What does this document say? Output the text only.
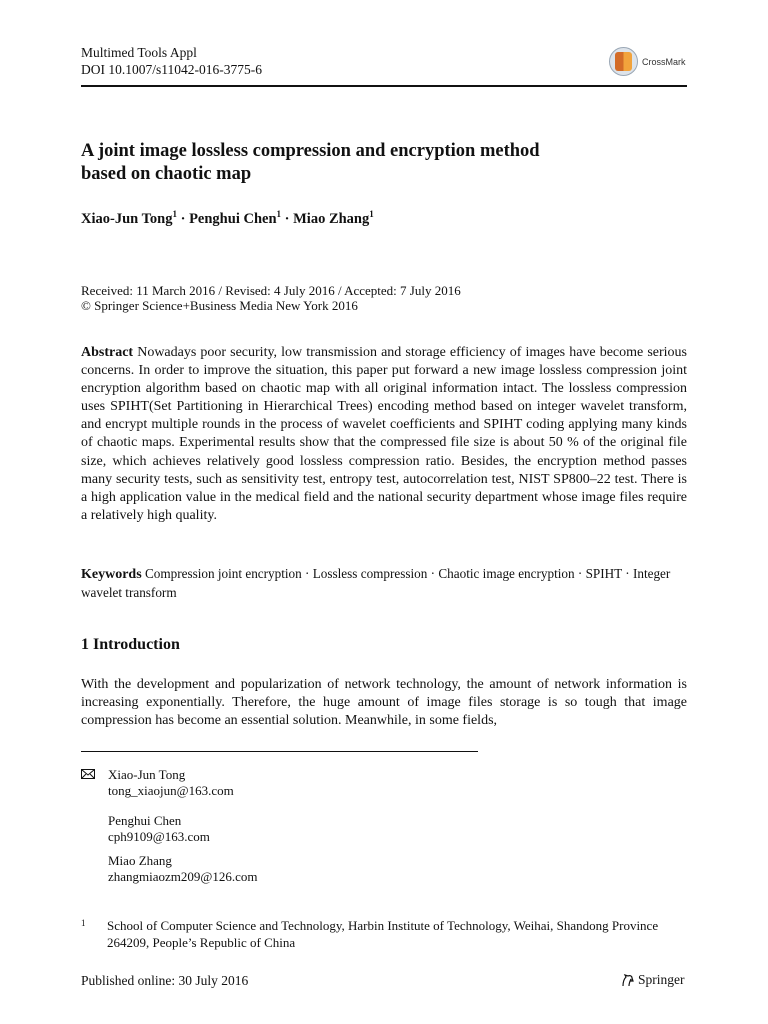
Multimed Tools Appl
DOI 10.1007/s11042-016-3775-6
CrossMark
A joint image lossless compression and encryption method
based on chaotic map
Xiao-Jun Tong$^1$ · Penghui Chen$^1$ · Miao Zhang$^1$
Received: 11 March 2016 / Revised: 4 July 2016 / Accepted: 7 July 2016
© Springer Science+Business Media New York 2016
Abstract Nowadays poor security, low transmission and storage efficiency of images have become serious concerns. In order to improve the situation, this paper put forward a new image lossless compression joint encryption algorithm based on chaotic map with all original information intact. The lossless compression uses SPIHT(Set Partitioning in Hierarchical Trees) encoding method based on integer wavelet transform, and encrypt multiple rounds in the process of wavelet coefficients and SPIHT coding applying many kinds of chaotic maps. Experimental results show that the compressed file size is about 50 % of the original file size, which achieves relatively good lossless compression ratio. Besides, the encryption method passes many security tests, such as sensitivity test, entropy test, autocorrelation test, NIST SP800–22 test. There is a high application value in the medical field and the national security department whose image files require a relatively high quality.
Keywords Compression joint encryption · Lossless compression · Chaotic image encryption · SPIHT · Integer wavelet transform
1 Introduction
With the development and popularization of network technology, the amount of network information is increasing exponentially. Therefore, the huge amount of image files storage is so tough that image compression has become an essential solution. Meanwhile, in some fields,
Xiao-Jun Tong
tong_xiaojun@163.com
Penghui Chen
cph9109@163.com
Miao Zhang
zhangmiaozm209@126.com
1 School of Computer Science and Technology, Harbin Institute of Technology, Weihai, Shandong Province 264209, People’s Republic of China
Published online: 30 July 2016	Springer
